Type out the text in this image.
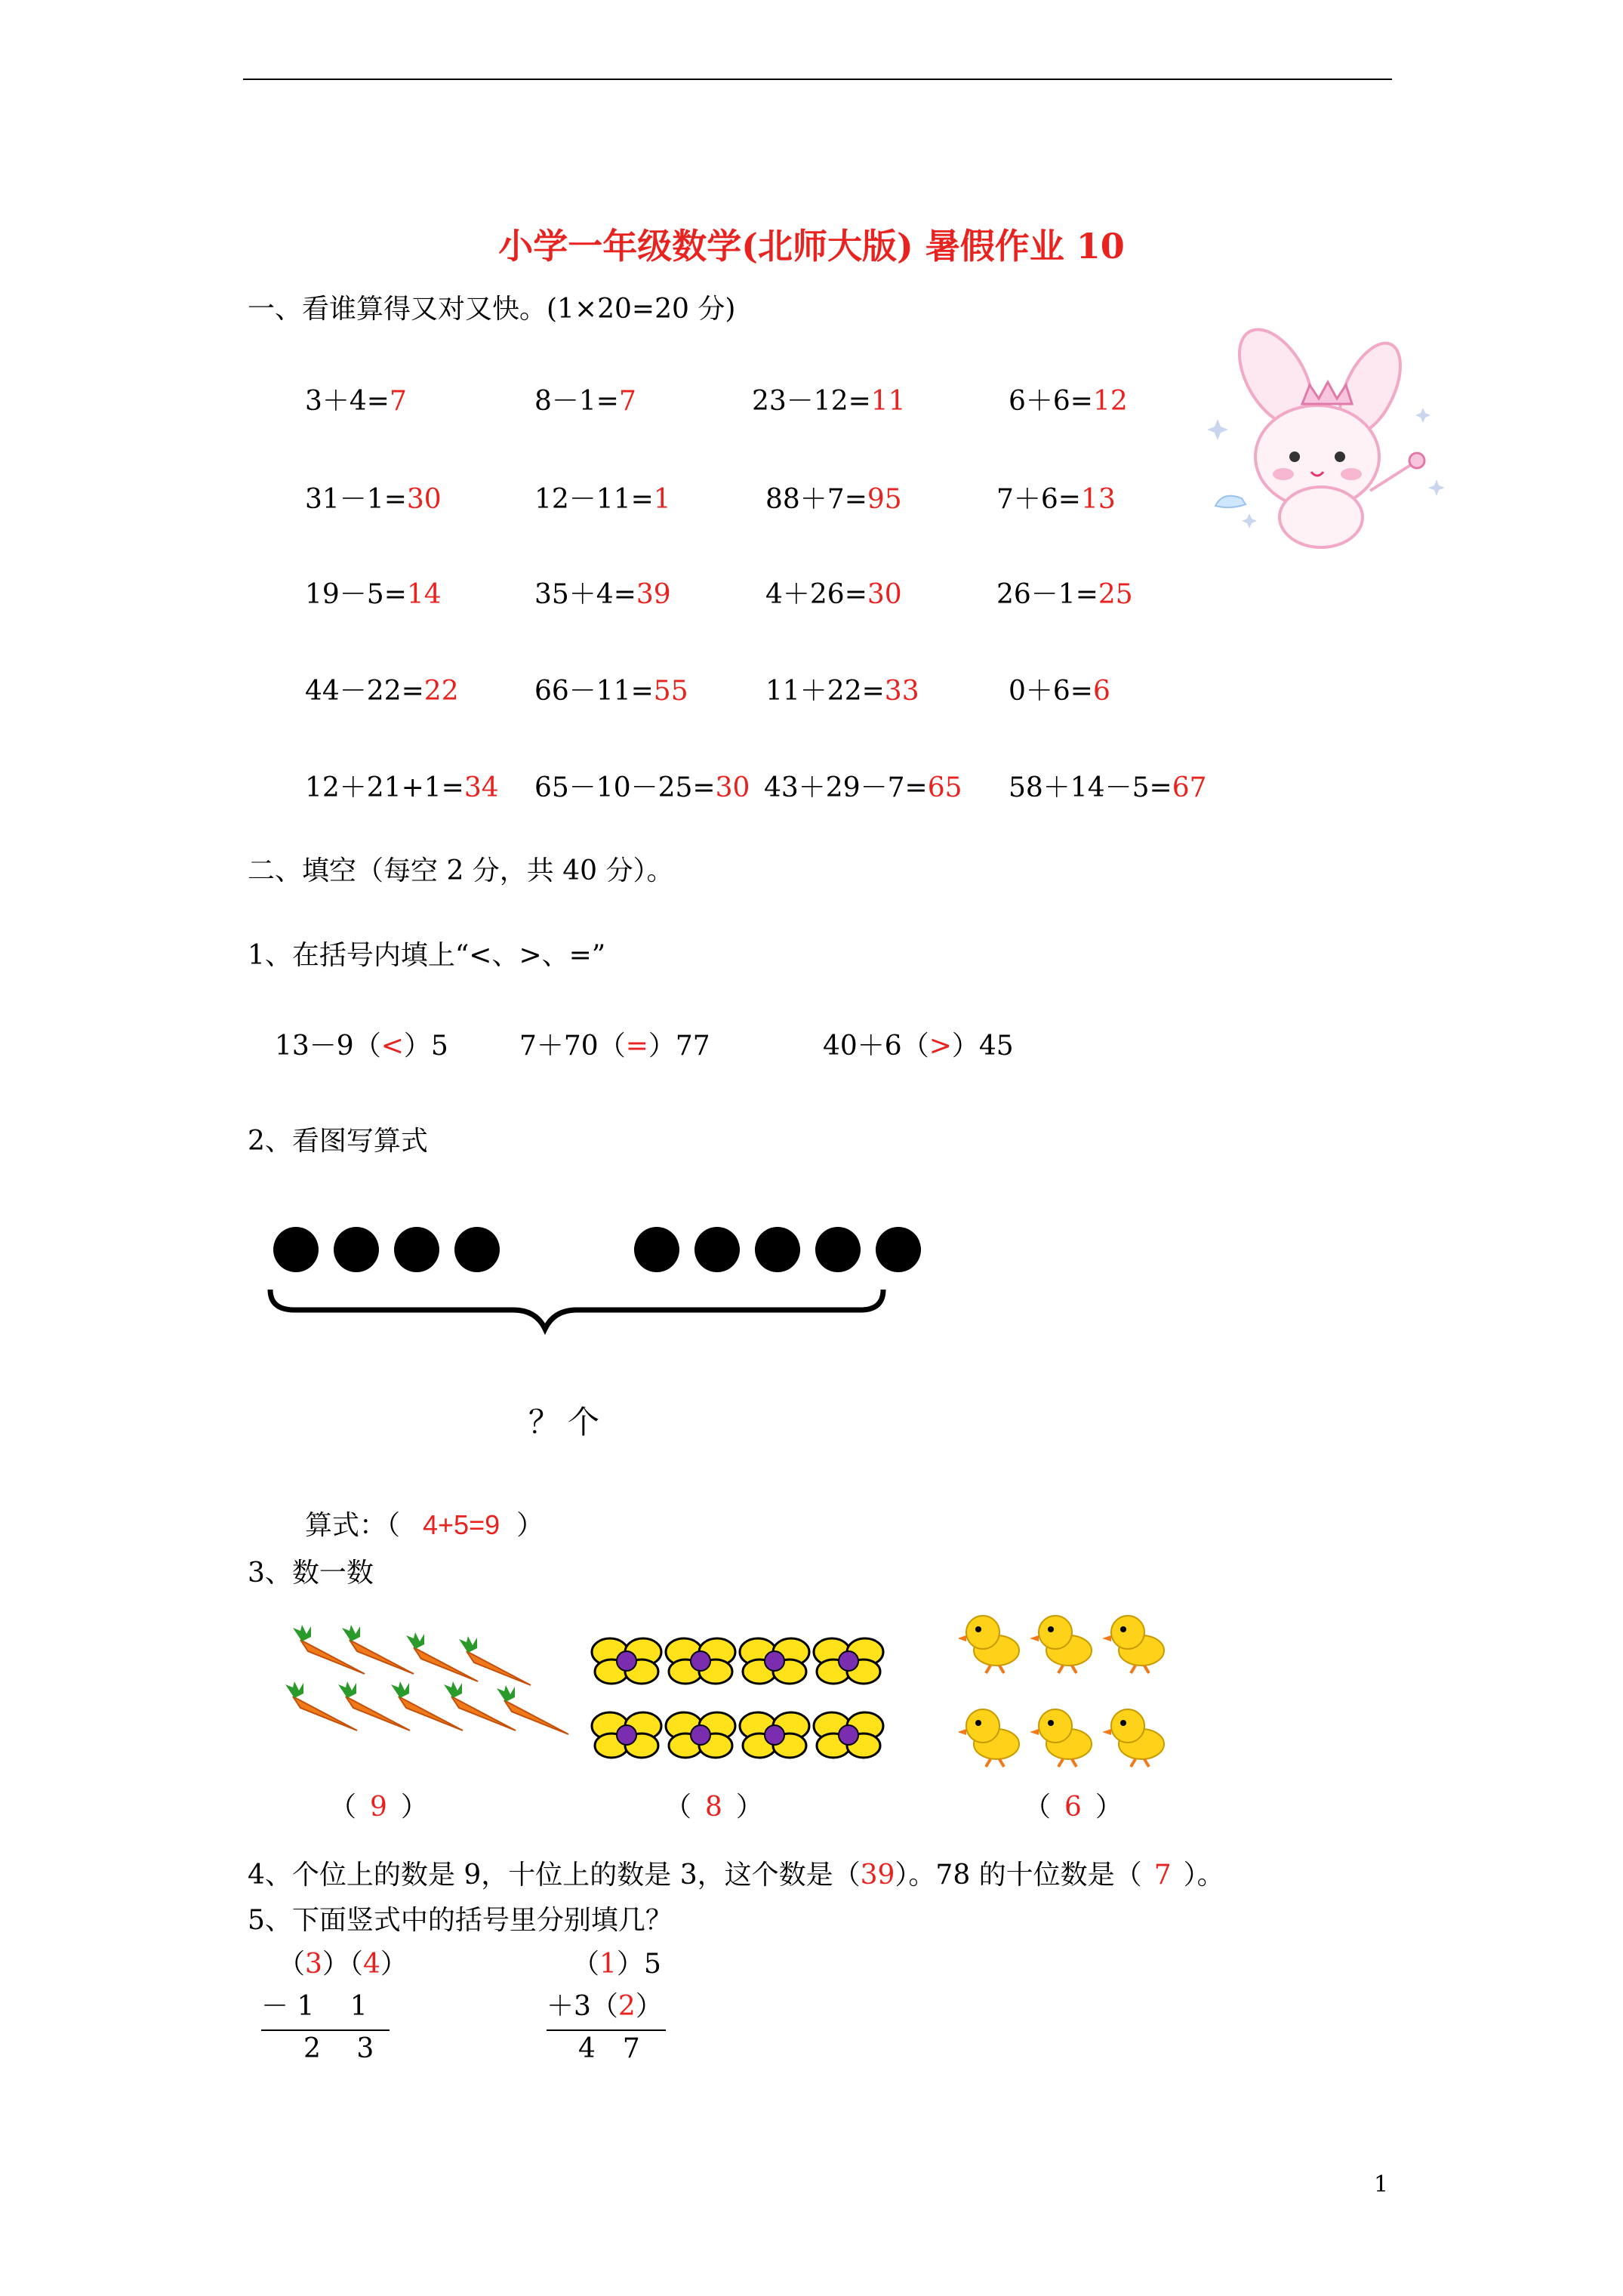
小学一年级数学(北师大版) 暑假作业 10
一、看谁算得又对又快。(1×20=20 分)
3＋4=7	8－1=7	23－12=11	6＋6=12
31－1=30	12－11=1	88＋7=95	7＋6=13
19－5=14	35＋4=39	4＋26=30	26－1=25
44－22=22	66－11=55	11＋22=33	0＋6=6
12＋21+1=34 65－10－25=30 43＋29－7=65 58＋14－5=67
二、填空（每空 2 分，共 40 分）。
1、在括号内填上“<、>、=”
13－9（<）5	7＋70（=）77	40＋6（>）45
2、看图写算式
？个
算式：（ 4+5=9 ）
3、数一数
（ 9 ）	（ 8 ）	（ 6 ）
4、个位上的数是 9，十位上的数是 3，这个数是（39）。78 的十位数是（ 7 ）。
5、下面竖式中的括号里分别填几？
（3）（4）
－ 1　 1
2　 3
（1）5
＋3（2）
4　7
1
